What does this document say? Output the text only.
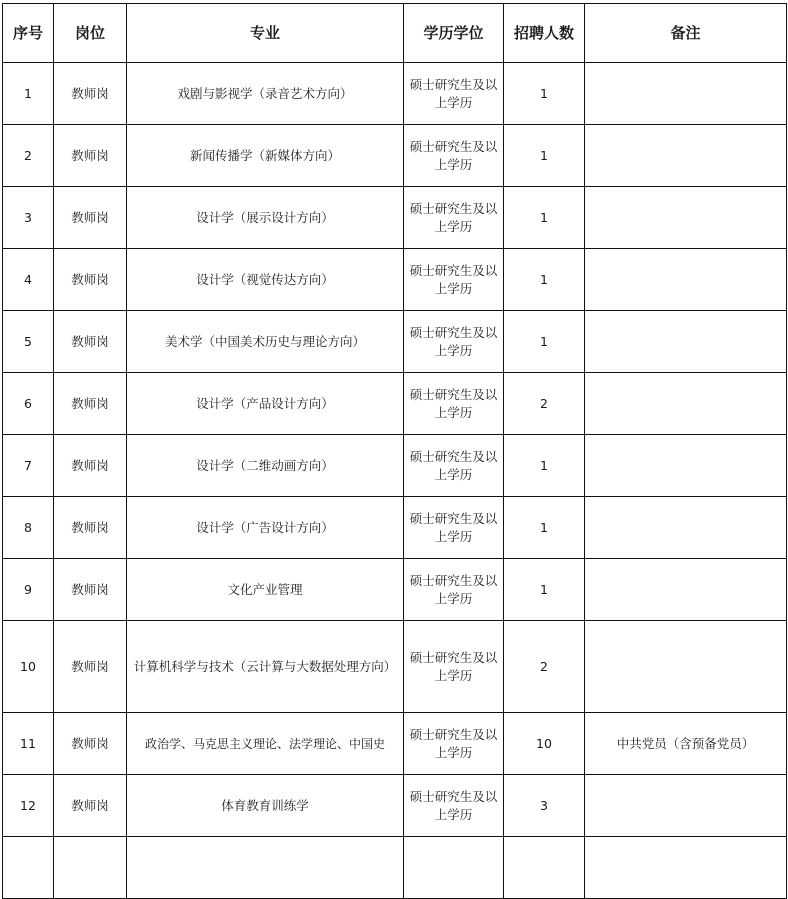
序号	岗位	专业	学历学位	招聘人数	备注
1	教师岗	戏剧与影视学（录音艺术方向）	硕士研究生及以上学历	1	
2	教师岗	新闻传播学（新媒体方向）	硕士研究生及以上学历	1	
3	教师岗	设计学（展示设计方向）	硕士研究生及以上学历	1	
4	教师岗	设计学（视觉传达方向）	硕士研究生及以上学历	1	
5	教师岗	美术学（中国美术历史与理论方向）	硕士研究生及以上学历	1	
6	教师岗	设计学（产品设计方向）	硕士研究生及以上学历	2	
7	教师岗	设计学（二维动画方向）	硕士研究生及以上学历	1	
8	教师岗	设计学（广告设计方向）	硕士研究生及以上学历	1	
9	教师岗	文化产业管理	硕士研究生及以上学历	1	
10	教师岗	计算机科学与技术（云计算与大数据处理方向）	硕士研究生及以上学历	2	
11	教师岗	政治学、马克思主义理论、法学理论、中国史	硕士研究生及以上学历	10	中共党员（含预备党员）
12	教师岗	体育教育训练学	硕士研究生及以上学历	3	
